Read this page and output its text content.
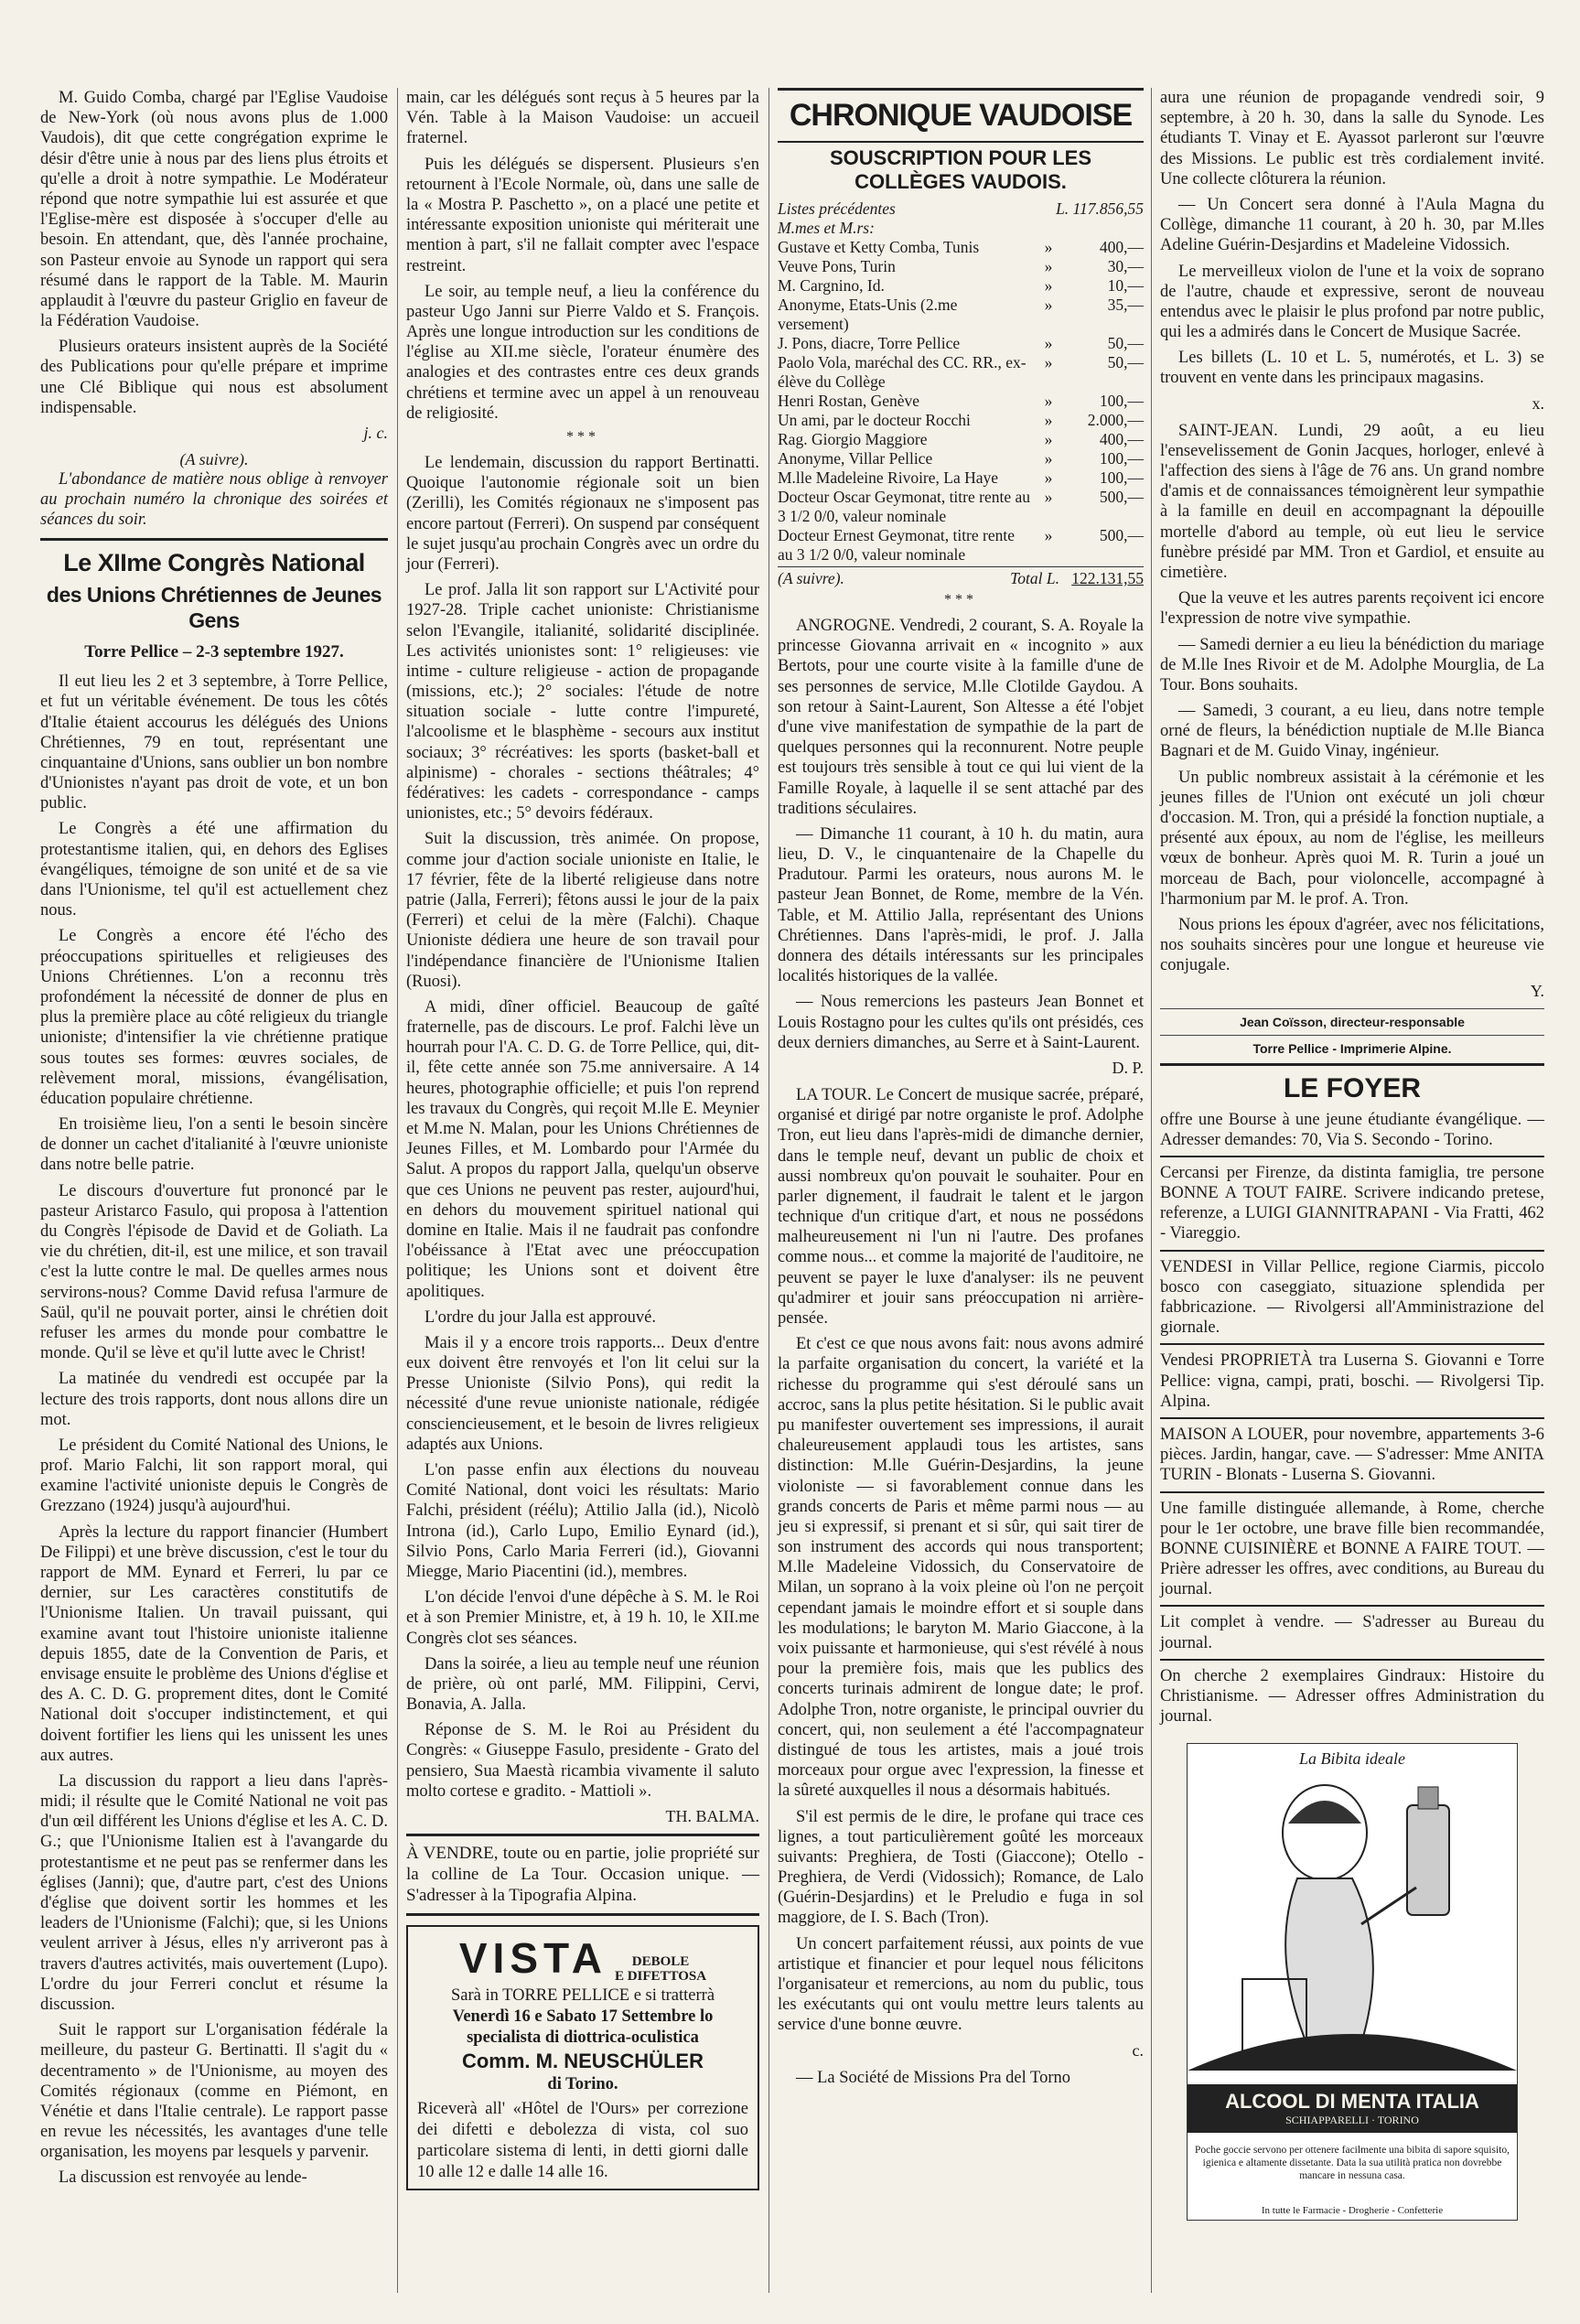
M. Guido Comba, chargé par l'Eglise Vaudoise de New-York (où nous avons plus de 1.000 Vaudois), dit que cette congrégation exprime le désir d'être unie à nous par des liens plus étroits et qu'elle a droit à notre sympathie. Le Modérateur répond que notre sympathie lui est assurée et que l'Eglise-mère est disposée à s'occuper d'elle au besoin. En attendant, que, dès l'année prochaine, son Pasteur envoie au Synode un rapport qui sera résumé dans le rapport de la Table. M. Maurin applaudit à l'œuvre du pasteur Griglio en faveur de la Fédération Vaudoise.

Plusieurs orateurs insistent auprès de la Société des Publications pour qu'elle prépare et imprime une Clé Biblique qui nous est absolument indispensable.

j. c.
(A suivre).

L'abondance de matière nous oblige à renvoyer au prochain numéro la chronique des soirées et séances du soir.

Le XIIme Congrès National
des Unions Chrétiennes de Jeunes Gens
Torre Pellice – 2-3 septembre 1927.

Il eut lieu les 2 et 3 septembre, à Torre Pellice, et fut un véritable événement. De tous les côtés d'Italie étaient accourus les délégués des Unions Chrétiennes, 79 en tout, représentant une cinquantaine d'Unions, sans oublier un bon nombre d'Unionistes n'ayant pas droit de vote, et un bon public.

Le Congrès a été une affirmation du protestantisme italien, qui, en dehors des Eglises évangéliques, témoigne de son unité et de sa vie dans l'Unionisme, tel qu'il est actuellement chez nous.

Le Congrès a encore été l'écho des préoccupations spirituelles et religieuses des Unions Chrétiennes. L'on a reconnu très profondément la nécessité de donner de plus en plus la première place au côté religieux du triangle unioniste; d'intensifier la vie chrétienne pratique sous toutes ses formes: œuvres sociales, de relèvement moral, missions, évangélisation, éducation populaire chrétienne.

En troisième lieu, l'on a senti le besoin sincère de donner un cachet d'italianité à l'œuvre unioniste dans notre belle patrie.

Le discours d'ouverture fut prononcé par le pasteur Aristarco Fasulo, qui proposa à l'attention du Congrès l'épisode de David et de Goliath. La vie du chrétien, dit-il, est une milice, et son travail c'est la lutte contre le mal. De quelles armes nous servirons-nous? Comme David refusa l'armure de Saül, qu'il ne pouvait porter, ainsi le chrétien doit refuser les armes du monde pour combattre le monde. Qu'il se lève et qu'il lutte avec le Christ!

La matinée du vendredi est occupée par la lecture des trois rapports, dont nous allons dire un mot.

Le président du Comité National des Unions, le prof. Mario Falchi, lit son rapport moral, qui examine l'activité unioniste depuis le Congrès de Grezzano (1924) jusqu'à aujourd'hui.

Après la lecture du rapport financier (Humbert De Filippi) et une brève discussion, c'est le tour du rapport de MM. Eynard et Ferreri, lu par ce dernier, sur Les caractères constitutifs de l'Unionisme Italien. Un travail puissant, qui examine avant tout l'histoire unioniste italienne depuis 1855, date de la Convention de Paris, et envisage ensuite le problème des Unions d'église et des A. C. D. G. proprement dites, dont le Comité National doit s'occuper indistinctement, et qui doivent fortifier les liens qui les unissent les unes aux autres.

La discussion du rapport a lieu dans l'après-midi; il résulte que le Comité National ne voit pas d'un œil différent les Unions d'église et les A. C. D. G.; que l'Unionisme Italien est à l'avangarde du protestantisme et ne peut pas se renfermer dans les églises (Janni); que, d'autre part, c'est des Unions d'église que doivent sortir les hommes et les leaders de l'Unionisme (Falchi); que, si les Unions veulent arriver à Jésus, elles n'y arriveront pas à travers d'autres activités, mais ouvertement (Lupo). L'ordre du jour Ferreri conclut et résume la discussion.

Suit le rapport sur L'organisation fédérale la meilleure, du pasteur G. Bertinatti. Il s'agit du « decentramento » de l'Unionisme, au moyen des Comités régionaux (comme en Piémont, en Vénétie et dans l'Italie centrale). Le rapport passe en revue les nécessités, les avantages d'une telle organisation, les moyens par lesquels y parvenir.

La discussion est renvoyée au lende-

main, car les délégués sont reçus à 5 heures par la Vén. Table à la Maison Vaudoise: un accueil fraternel.

Puis les délégués se dispersent. Plusieurs s'en retournent à l'Ecole Normale, où, dans une salle de la « Mostra P. Paschetto », on a placé une petite et intéressante exposition unioniste qui mériterait une mention à part, s'il ne fallait compter avec l'espace restreint.

Le soir, au temple neuf, a lieu la conférence du pasteur Ugo Janni sur Pierre Valdo et S. François. Après une longue introduction sur les conditions de l'église au XII.me siècle, l'orateur énumère des analogies et des contrastes entre ces deux grands chrétiens et termine avec un appel à un renouveau de religiosité.

***

Le lendemain, discussion du rapport Bertinatti. Quoique l'autonomie régionale soit un bien (Zerilli), les Comités régionaux ne s'imposent pas encore partout (Ferreri). On suspend par conséquent le sujet jusqu'au prochain Congrès avec un ordre du jour (Ferreri).

Le prof. Jalla lit son rapport sur L'Activité pour 1927-28. Triple cachet unioniste: Christianisme selon l'Evangile, italianité, solidarité disciplinée. Les activités unionistes sont: 1° religieuses: vie intime - culture religieuse - action de propagande (missions, etc.); 2° sociales: l'étude de notre situation sociale - lutte contre l'impureté, l'alcoolisme et le blasphème - secours aux institut sociaux; 3° récréatives: les sports (basket-ball et alpinisme) - chorales - sections théâtrales; 4° fédératives: les cadets - correspondance - camps unionistes, etc.; 5° devoirs fédéraux.

Suit la discussion, très animée. On propose, comme jour d'action sociale unioniste en Italie, le 17 février, fête de la liberté religieuse dans notre patrie (Jalla, Ferreri); fêtons aussi le jour de la paix (Ferreri) et celui de la mère (Falchi). Chaque Unioniste dédiera une heure de son travail pour l'indépendance financière de l'Unionisme Italien (Ruosi).

A midi, dîner officiel. Beaucoup de gaîté fraternelle, pas de discours. Le prof. Falchi lève un hourrah pour l'A. C. D. G. de Torre Pellice, qui, dit-il, fête cette année son 75.me anniversaire. A 14 heures, photographie officielle; et puis l'on reprend les travaux du Congrès, qui reçoit M.lle E. Meynier et M.me N. Malan, pour les Unions Chrétiennes de Jeunes Filles, et M. Lombardo pour l'Armée du Salut. A propos du rapport Jalla, quelqu'un observe que ces Unions ne peuvent pas rester, aujourd'hui, en dehors du mouvement spirituel national qui domine en Italie. Mais il ne faudrait pas confondre l'obéissance à l'Etat avec une préoccupation politique; les Unions sont et doivent être apolitiques.

L'ordre du jour Jalla est approuvé.

Mais il y a encore trois rapports... Deux d'entre eux doivent être renvoyés et l'on lit celui sur la Presse Unioniste (Silvio Pons), qui redit la nécessité d'une revue unioniste nationale, rédigée consciencieusement, et le besoin de livres religieux adaptés aux Unions.

L'on passe enfin aux élections du nouveau Comité National, dont voici les résultats: Mario Falchi, président (réélu); Attilio Jalla (id.), Nicolò Introna (id.), Carlo Lupo, Emilio Eynard (id.), Silvio Pons, Carlo Maria Ferreri (id.), Giovanni Miegge, Mario Piacentini (id.), membres.

L'on décide l'envoi d'une dépêche à S. M. le Roi et à son Premier Ministre, et, à 19 h. 10, le XII.me Congrès clot ses séances.

Dans la soirée, a lieu au temple neuf une réunion de prière, où ont parlé, MM. Filippini, Cervi, Bonavia, A. Jalla.

Réponse de S. M. le Roi au Président du Congrès: « Giuseppe Fasulo, presidente - Grato del pensiero, Sua Maestà ricambia vivamente il saluto molto cortese e gradito. - Mattioli ».

TH. BALMA.

À VENDRE, toute ou en partie, jolie propriété sur la colline de La Tour. Occasion unique. — S'adresser à la Tipografia Alpina.

VISTA DEBOLE
E DIFETTOSA
Sarà in TORRE PELLICE e si tratterrà
Venerdì 16 e Sabato 17 Settembre lo
specialista di diottrica-oculistica
Comm. M. NEUSCHÜLER
di Torino.
Riceverà all' «Hôtel de l'Ours» per correzione dei difetti e debolezza di vista, col suo particolare sistema di lenti, in detti giorni dalle 10 alle 12 e dalle 14 alle 16.
CHRONIQUE VAUDOISE
SOUSCRIPTION POUR LES COLLÈGES VAUDOIS.
Listes précédentes	L. 117.856,55
M.mes et M.rs:
Gustave et Ketty Comba, Tunis	»	400,—
Veuve Pons, Turin	»	30,—
M. Cargnino, Id.	»	10,—
Anonyme, Etats-Unis (2.me versement)
»	35,—
J. Pons, diacre, Torre Pellice	»	50,—
Paolo Vola, maréchal des CC. RR., ex-élève du Collège
»	50,—
Henri Rostan, Genève	»	100,—
Un ami, par le docteur Rocchi	»	2.000,—
Rag. Giorgio Maggiore	»	400,—
Anonyme, Villar Pellice	»	100,—
M.lle Madeleine Rivoire, La Haye	»	100,—
Docteur Oscar Geymonat, titre rente au 3 1/2 0/0, valeur nominale
»	500,—
Docteur Ernest Geymonat, titre rente au 3 1/2 0/0, valeur nominale
»	500,—
(A suivre).	Total L. 122.131,55
***

ANGROGNE. Vendredi, 2 courant, S. A. Royale la princesse Giovanna arrivait en « incognito » aux Bertots, pour une courte visite à la famille d'une de ses personnes de service, M.lle Clotilde Gaydou. A son retour à Saint-Laurent, Son Altesse a été l'objet d'une vive manifestation de sympathie de la part de quelques personnes qui la reconnurent. Notre peuple est toujours très sensible à tout ce qui lui vient de la Famille Royale, à laquelle il se sent attaché par des traditions séculaires.

— Dimanche 11 courant, à 10 h. du matin, aura lieu, D. V., le cinquantenaire de la Chapelle du Pradutour. Parmi les orateurs, nous aurons M. le pasteur Jean Bonnet, de Rome, membre de la Vén. Table, et M. Attilio Jalla, représentant des Unions Chrétiennes. Dans l'après-midi, le prof. J. Jalla donnera des détails intéressants sur les principales localités historiques de la vallée.

— Nous remercions les pasteurs Jean Bonnet et Louis Rostagno pour les cultes qu'ils ont présidés, ces deux derniers dimanches, au Serre et à Saint-Laurent.

D. P.

LA TOUR. Le Concert de musique sacrée, préparé, organisé et dirigé par notre organiste le prof. Adolphe Tron, eut lieu dans l'après-midi de dimanche dernier, dans le temple neuf, devant un public de choix et aussi nombreux qu'on pouvait le souhaiter. Pour en parler dignement, il faudrait le talent et le jargon technique d'un critique d'art, et nous ne possédons malheureusement ni l'un ni l'autre. Des profanes comme nous... et comme la majorité de l'auditoire, ne peuvent se payer le luxe d'analyser: ils ne peuvent qu'admirer et jouir sans préoccupation ni arrière-pensée.

Et c'est ce que nous avons fait: nous avons admiré la parfaite organisation du concert, la variété et la richesse du programme qui s'est déroulé sans un accroc, sans la plus petite hésitation. Si le public avait pu manifester ouvertement ses impressions, il aurait chaleureusement applaudi tous les artistes, sans distinction: M.lle Guérin-Desjardins, la jeune violoniste — si favorablement connue dans les grands concerts de Paris et même parmi nous — au jeu si expressif, si prenant et si sûr, qui sait tirer de son instrument des accords qui nous transportent; M.lle Madeleine Vidossich, du Conservatoire de Milan, un soprano à la voix pleine où l'on ne perçoit cependant jamais le moindre effort et si souple dans les modulations; le baryton M. Mario Giaccone, à la voix puissante et harmonieuse, qui s'est révélé à nous pour la première fois, mais que les publics des concerts turinais admirent de longue date; le prof. Adolphe Tron, notre organiste, le principal ouvrier du concert, qui, non seulement a été l'accompagnateur distingué de tous les artistes, mais a joué trois morceaux pour orgue avec l'expression, la finesse et la sûreté auxquelles il nous a désormais habitués.

S'il est permis de le dire, le profane qui trace ces lignes, a tout particulièrement goûté les morceaux suivants: Preghiera, de Tosti (Giaccone); Otello - Preghiera, de Verdi (Vidossich); Romance, de Lalo (Guérin-Desjardins) et le Preludio e fuga in sol maggiore, de I. S. Bach (Tron).

Un concert parfaitement réussi, aux points de vue artistique et financier et pour lequel nous félicitons l'organisateur et remercions, au nom du public, tous les exécutants qui ont voulu mettre leurs talents au service d'une bonne œuvre.

c.

— La Société de Missions Pra del Torno

aura une réunion de propagande vendredi soir, 9 septembre, à 20 h. 30, dans la salle du Synode. Les étudiants T. Vinay et E. Ayassot parleront sur l'œuvre des Missions. Le public est très cordialement invité. Une collecte clôturera la réunion.

— Un Concert sera donné à l'Aula Magna du Collège, dimanche 11 courant, à 20 h. 30, par M.lles Adeline Guérin-Desjardins et Madeleine Vidossich.

Le merveilleux violon de l'une et la voix de soprano de l'autre, chaude et expressive, seront de nouveau entendus avec le plaisir le plus profond par notre public, qui les a admirés dans le Concert de Musique Sacrée.

Les billets (L. 10 et L. 5, numérotés, et L. 3) se trouvent en vente dans les principaux magasins.

x.

SAINT-JEAN. Lundi, 29 août, a eu lieu l'ensevelissement de Gonin Jacques, horloger, enlevé à l'affection des siens à l'âge de 76 ans. Un grand nombre d'amis et de connaissances témoignèrent leur sympathie à la famille en deuil en accompagnant la dépouille mortelle d'abord au temple, où eut lieu le service funèbre présidé par MM. Tron et Gardiol, et ensuite au cimetière.

Que la veuve et les autres parents reçoivent ici encore l'expression de notre vive sympathie.

— Samedi dernier a eu lieu la bénédiction du mariage de M.lle Ines Rivoir et de M. Adolphe Mourglia, de La Tour. Bons souhaits.

— Samedi, 3 courant, a eu lieu, dans notre temple orné de fleurs, la bénédiction nuptiale de M.lle Bianca Bagnari et de M. Guido Vinay, ingénieur.

Un public nombreux assistait à la cérémonie et les jeunes filles de l'Union ont exécuté un joli chœur d'occasion. M. Tron, qui a présidé la fonction nuptiale, a présenté aux époux, au nom de l'église, les meilleurs vœux de bonheur. Après quoi M. R. Turin a joué un morceau de Bach, pour violoncelle, accompagné à l'harmonium par M. le prof. A. Tron.

Nous prions les époux d'agréer, avec nos félicitations, nos souhaits sincères pour une longue et heureuse vie conjugale.

Y.
Jean Coïsson, directeur-responsable
Torre Pellice - Imprimerie Alpine.
LE FOYER

offre une Bourse à une jeune étudiante évangélique. — Adresser demandes: 70, Via S. Secondo - Torino.

Cercansi per Firenze, da distinta famiglia, tre persone BONNE A TOUT FAIRE. Scrivere indicando pretese, referenze, a LUIGI GIANNITRAPANI - Via Fratti, 462 - Viareggio.

VENDESI in Villar Pellice, regione Ciarmis, piccolo bosco con caseggiato, situazione splendida per fabbricazione. — Rivolgersi all'Amministrazione del giornale.

Vendesi PROPRIETÀ tra Luserna S. Giovanni e Torre Pellice: vigna, campi, prati, boschi. — Rivolgersi Tip. Alpina.

MAISON A LOUER, pour novembre, appartements 3-6 pièces. Jardin, hangar, cave. — S'adresser: Mme ANITA TURIN - Blonats - Luserna S. Giovanni.

Une famille distinguée allemande, à Rome, cherche pour le 1er octobre, une brave fille bien recommandée, BONNE CUISINIÈRE et BONNE A FAIRE TOUT. — Prière adresser les offres, avec conditions, au Bureau du journal.

Lit complet à vendre. — S'adresser au Bureau du journal.

On cherche 2 exemplaires Gindraux: Histoire du Christianisme. — Adresser offres Administration du journal.

La Bibita ideale
ALCOOL DI MENTA ITALIA
SCHIAPPARELLI · TORINO
Poche goccie servono per ottenere facilmente una bibita di sapore squisito, igienica e altamente dissetante. Data la sua utilità pratica non dovrebbe mancare in nessuna casa.
In tutte le Farmacie - Drogherie - Confetterie
